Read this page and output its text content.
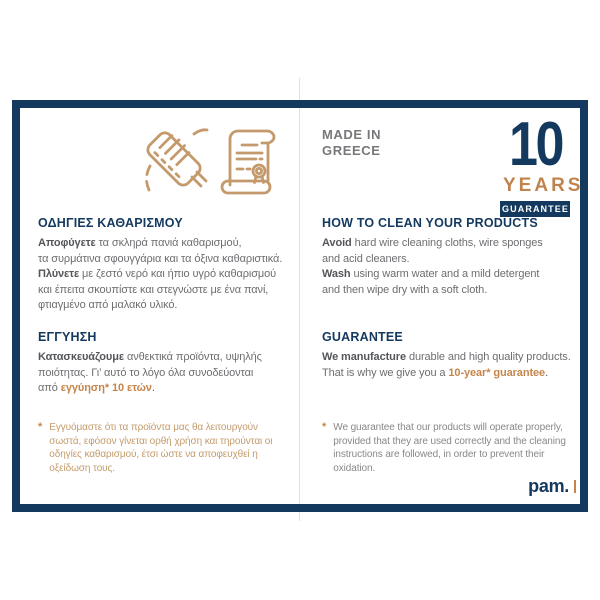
MADE IN
GREECE 10
YEARS
GUARANTEE
ΟΔΗΓΙΕΣ ΚΑΘΑΡΙΣΜΟΥ
Αποφύγετε τα σκληρά πανιά καθαρισμού,
τα συρμάτινα σφουγγάρια και τα όξινα καθαριστικά.
Πλύνετε με ζεστό νερό και ήπιο υγρό καθαρισμού
και έπειτα σκουπίστε και στεγνώστε με ένα πανί,
φτιαγμένο από μαλακό υλικό.
ΕΓΓΥΗΣΗ
Κατασκευάζουμε ανθεκτικά προϊόντα, υψηλής
ποιότητας. Γι’ αυτό το λόγο όλα συνοδεύονται
από εγγύηση* 10 ετών.
HOW TO CLEAN YOUR PRODUCTS
Avoid hard wire cleaning cloths, wire sponges
and acid cleaners.
Wash using warm water and a mild detergent
and then wipe dry with a soft cloth.
GUARANTEE
We manufacture durable and high quality products.
That is why we give you a 10-year* guarantee.
* Εγγυόμαστε ότι τα προϊόντα μας θα λειτουργούν σωστά, εφόσον γίνεται ορθή χρήση και τηρούνται οι οδηγίες καθαρισμού, έτσι ώστε να αποφευχθεί η οξείδωση τους.
* We guarantee that our products will operate properly, provided that they are used correctly and the cleaning instructions are followed, in order to prevent their oxidation.
pam.
